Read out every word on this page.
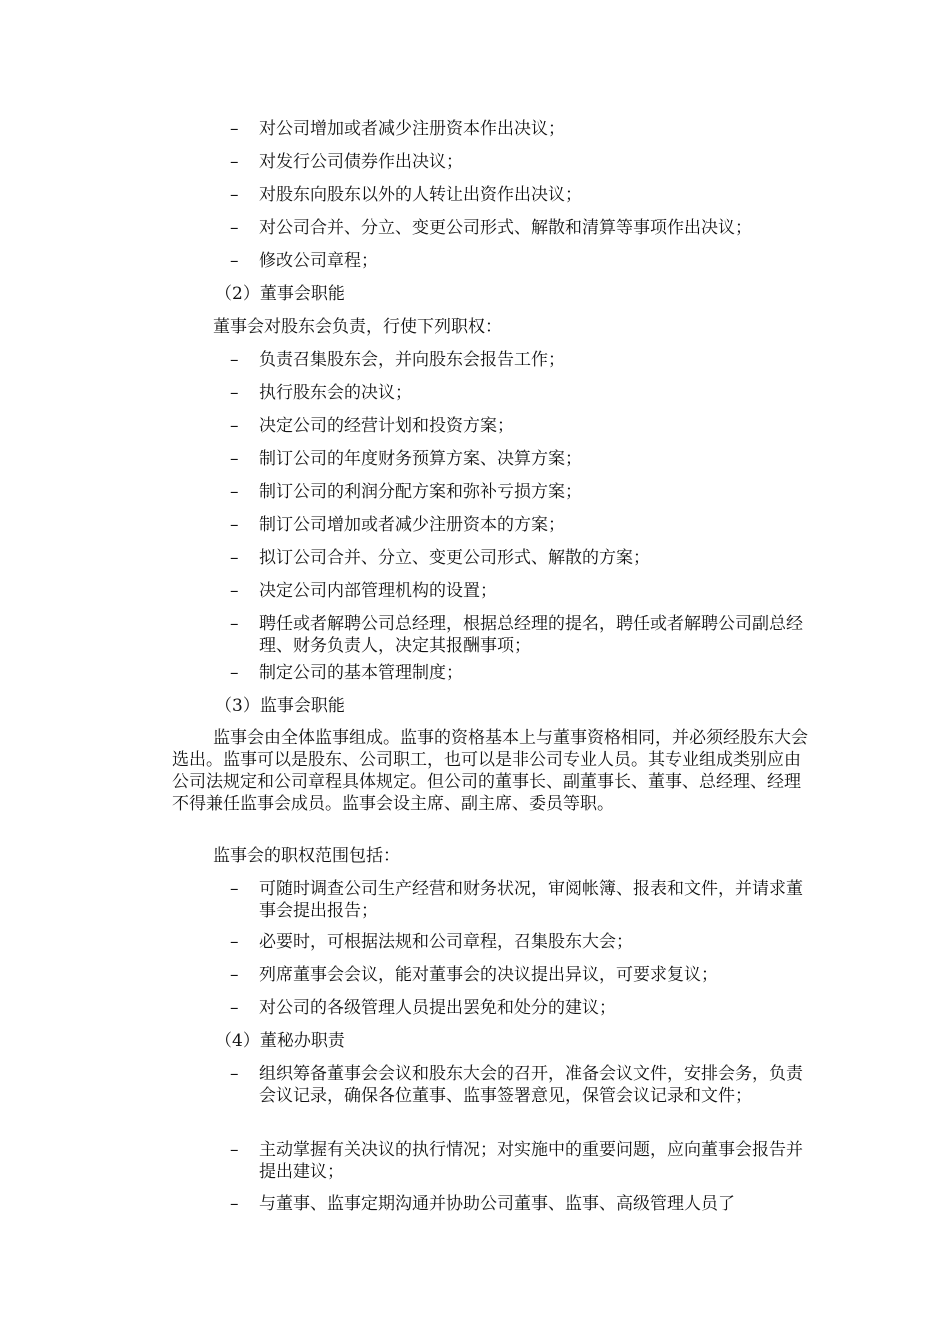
– 对公司增加或者减少注册资本作出决议；
– 对发行公司债券作出决议；
– 对股东向股东以外的人转让出资作出决议；
– 对公司合并、分立、变更公司形式、解散和清算等事项作出决议；
– 修改公司章程；
（2）董事会职能
董事会对股东会负责，行使下列职权：
– 负责召集股东会，并向股东会报告工作；
– 执行股东会的决议；
– 决定公司的经营计划和投资方案；
– 制订公司的年度财务预算方案、决算方案；
– 制订公司的利润分配方案和弥补亏损方案；
– 制订公司增加或者减少注册资本的方案；
– 拟订公司合并、分立、变更公司形式、解散的方案；
– 决定公司内部管理机构的设置；
– 聘任或者解聘公司总经理，根据总经理的提名，聘任或者解聘公司副总经理、财务负责人，决定其报酬事项；
– 制定公司的基本管理制度；
（3）监事会职能
监事会由全体监事组成。监事的资格基本上与董事资格相同，并必须经股东大会选出。监事可以是股东、公司职工，也可以是非公司专业人员。其专业组成类别应由公司法规定和公司章程具体规定。但公司的董事长、副董事长、董事、总经理、经理不得兼任监事会成员。监事会设主席、副主席、委员等职。
监事会的职权范围包括：
– 可随时调查公司生产经营和财务状况，审阅帐簿、报表和文件，并请求董事会提出报告；
– 必要时，可根据法规和公司章程，召集股东大会；
– 列席董事会会议，能对董事会的决议提出异议，可要求复议；
– 对公司的各级管理人员提出罢免和处分的建议；
（4）董秘办职责
– 组织筹备董事会会议和股东大会的召开，准备会议文件，安排会务，负责会议记录，确保各位董事、监事签署意见，保管会议记录和文件；
– 主动掌握有关决议的执行情况；对实施中的重要问题，应向董事会报告并提出建议；
– 与董事、监事定期沟通并协助公司董事、监事、高级管理人员了
